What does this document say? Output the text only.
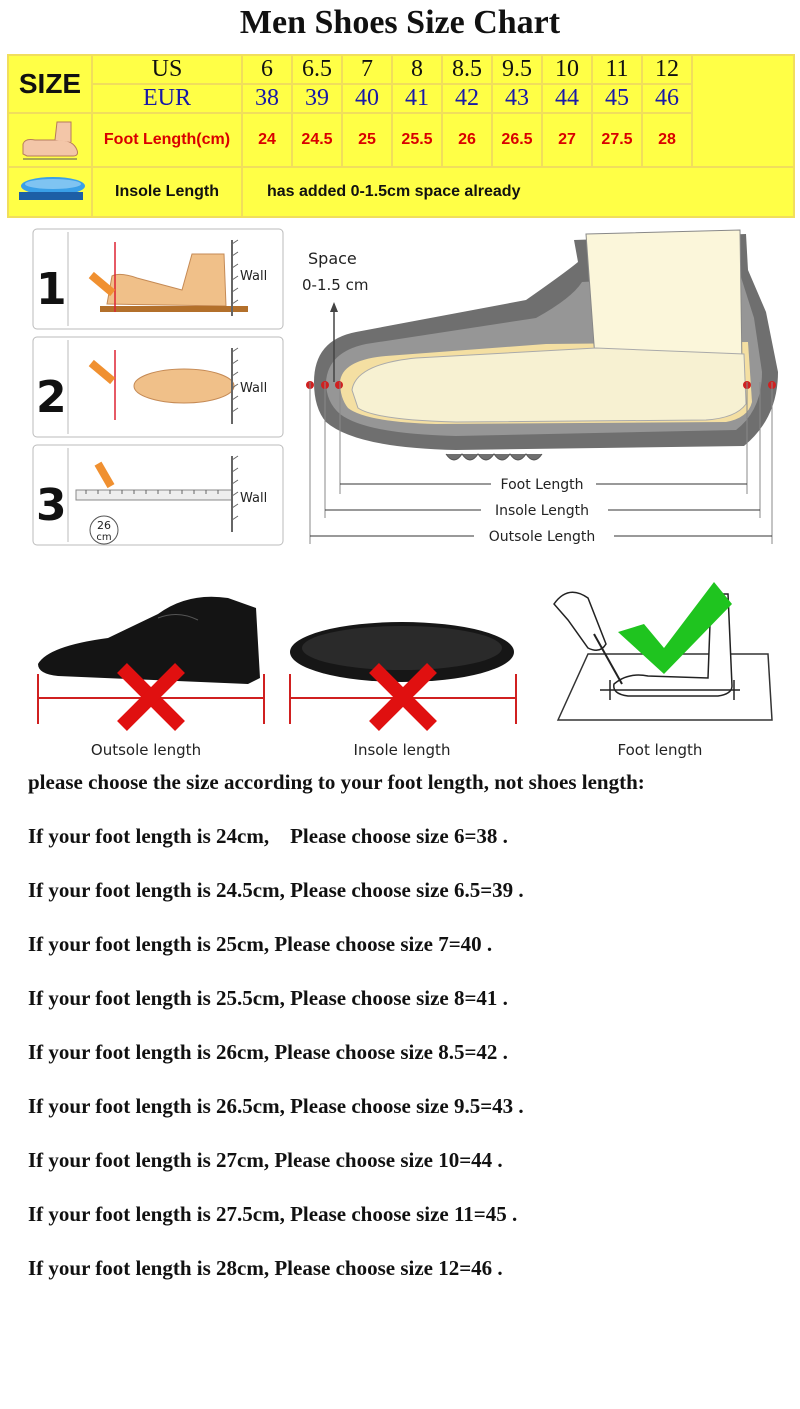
Men Shoes Size Chart
SIZE	US	6	6.5	7	8	8.5	9.5	10	11	12	
	EUR	38	39	40	41	42	43	44	45	46	
	Foot Length(cm)	24	24.5	25	25.5	26	26.5	27	27.5	28	
	Insole Length	has added 0-1.5cm space already									
1	Wall
2	Wall
3	26
cm
Wall
Space
0-1.5 cm
Foot Length
Insole Length
Outsole Length
Outsole length	Insole length	Foot length

please choose the size according to your foot length, not shoes length:

If your foot length is 24cm,    Please choose size 6=38 .

If your foot length is 24.5cm, Please choose size 6.5=39 .

If your foot length is 25cm, Please choose size 7=40 .

If your foot length is 25.5cm, Please choose size 8=41 .

If your foot length is 26cm, Please choose size 8.5=42 .

If your foot length is 26.5cm, Please choose size 9.5=43 .

If your foot length is 27cm, Please choose size 10=44 .

If your foot length is 27.5cm, Please choose size 11=45 .

If your foot length is 28cm, Please choose size 12=46 .
